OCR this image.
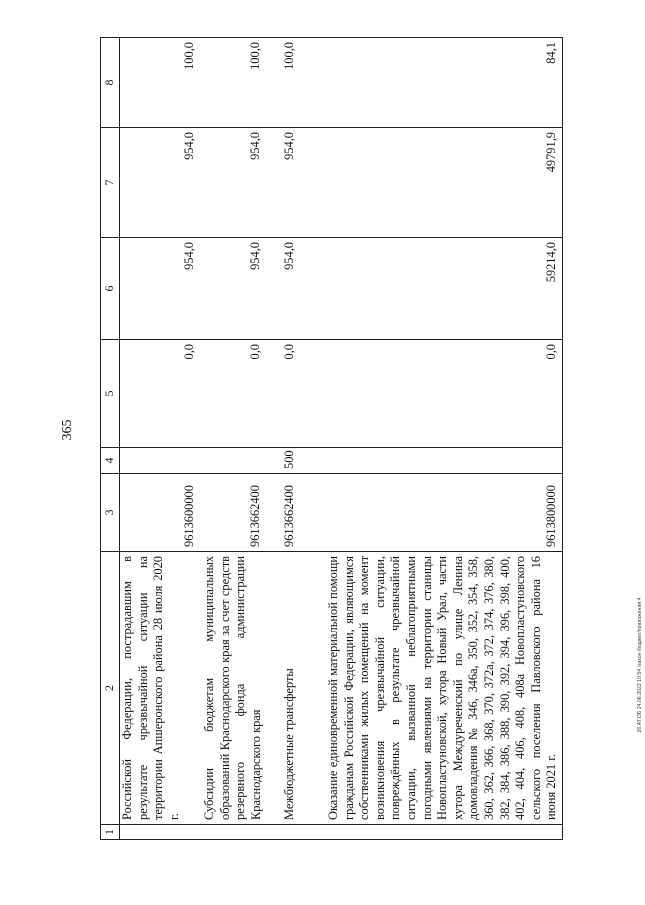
365
1	2	3	4	5	6	7	8
	Российской Федерации, пострадавшим в результате чрезвычайной ситуации на территории Апшеронского района 28 июля 2020 г.	9613600000		0,0	954,0	954,0	100,0
	Субсидии бюджетам муниципальных образований Краснодарского края за счет средств резервного фонда администрации Краснодарского края	9613662400		0,0	954,0	954,0	100,0
	Межбюджетные трансферты	9613662400	500	0,0	954,0	954,0	100,0
	Оказание единовременной материальной помощи гражданам Российской Федерации, являющимся собственниками жилых помещений на момент возникновения чрезвычайной ситуации, повреждённых в результате чрезвычайной ситуации, вызванной неблагоприятными погодными явлениями на территории станицы Новопластуновской, хутора Новый Урал, части хутора Междуреченский по улице Ленина домовладения № 346, 346а, 350, 352, 354, 358, 360, 362, 366, 368, 370, 372а, 372, 374, 376, 380, 382, 384, 386, 388, 390, 392, 394, 396, 398, 400, 402, 404, 406, 408, 408а Новопластуновского сельского поселения Павловского района 16 июня 2021 г.	9613800000		0,0	59214,0	49791,9	84,1
26.АТ.ОБ 24.06.2022 10:54 /закон бюджет/приложения 4
